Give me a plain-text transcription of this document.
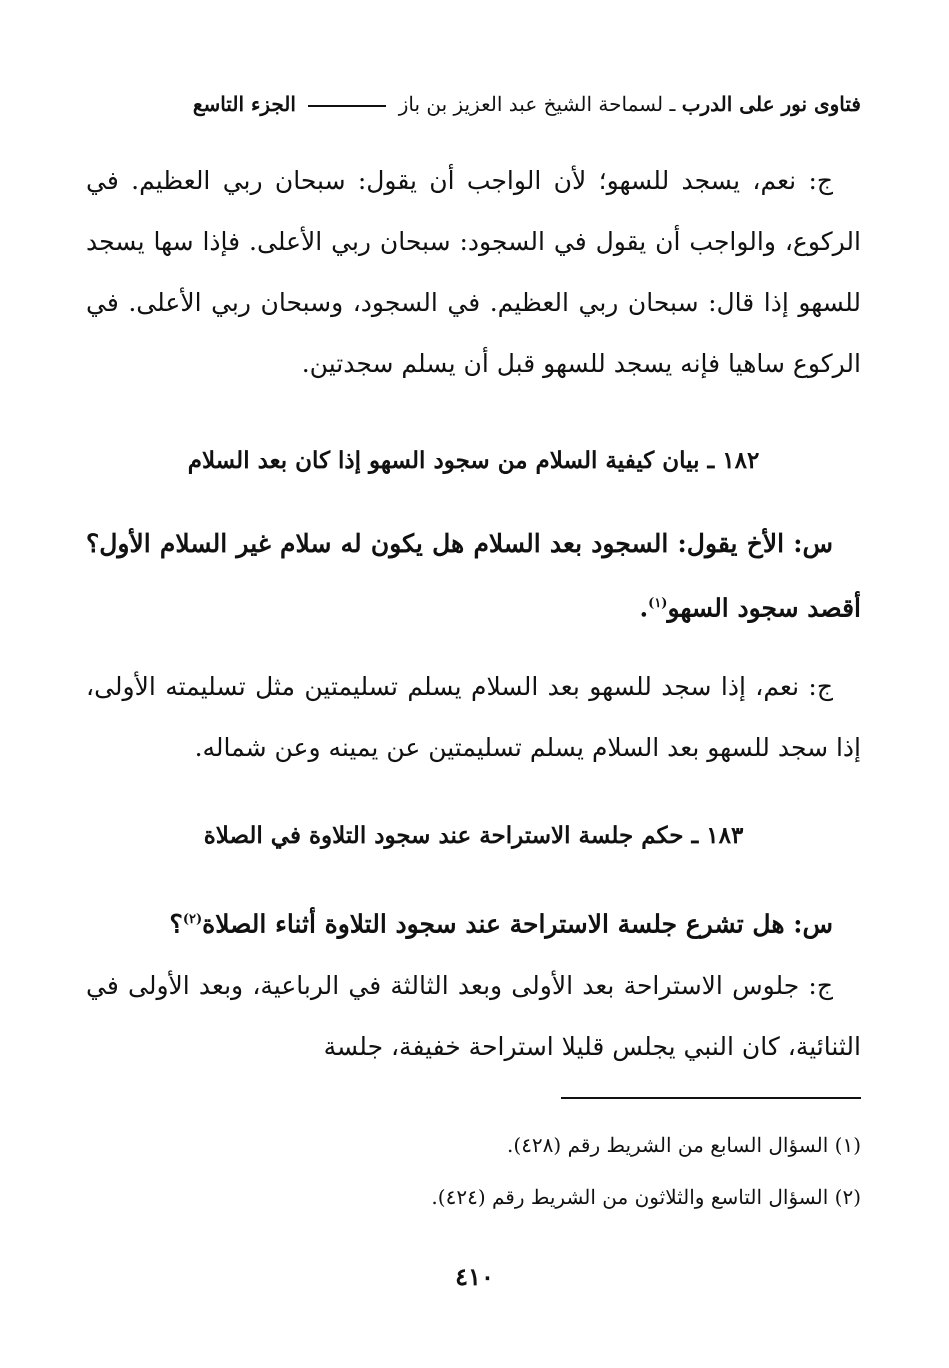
فتاوى نور على الدرب ـ لسماحة الشيخ عبد العزيز بن باز  الجزء التاسع

ج: نعم، يسجد للسهو؛ لأن الواجب أن يقول: سبحان ربي العظيم. في الركوع، والواجب أن يقول في السجود: سبحان ربي الأعلى. فإذا سها يسجد للسهو إذا قال: سبحان ربي العظيم. في السجود، وسبحان ربي الأعلى. في الركوع ساهيا فإنه يسجد للسهو قبل أن يسلم سجدتين.

١٨٢ ـ بيان كيفية السلام من سجود السهو إذا كان بعد السلام

س: الأخ يقول: السجود بعد السلام هل يكون له سلام غير السلام الأول؟ أقصد سجود السهو$^{(١)}$.

ج: نعم، إذا سجد للسهو بعد السلام يسلم تسليمتين مثل تسليمته الأولى، إذا سجد للسهو بعد السلام يسلم تسليمتين عن يمينه وعن شماله.

١٨٣ ـ حكم جلسة الاستراحة عند سجود التلاوة في الصلاة

س: هل تشرع جلسة الاستراحة عند سجود التلاوة أثناء الصلاة$^{(٢)}$؟

ج: جلوس الاستراحة بعد الأولى وبعد الثالثة في الرباعية، وبعد الأولى في الثنائية، كان النبي يجلس قليلا استراحة خفيفة، جلسة

(١) السؤال السابع من الشريط رقم (٤٢٨).
(٢) السؤال التاسع والثلاثون من الشريط رقم (٤٢٤).
٤١٠
